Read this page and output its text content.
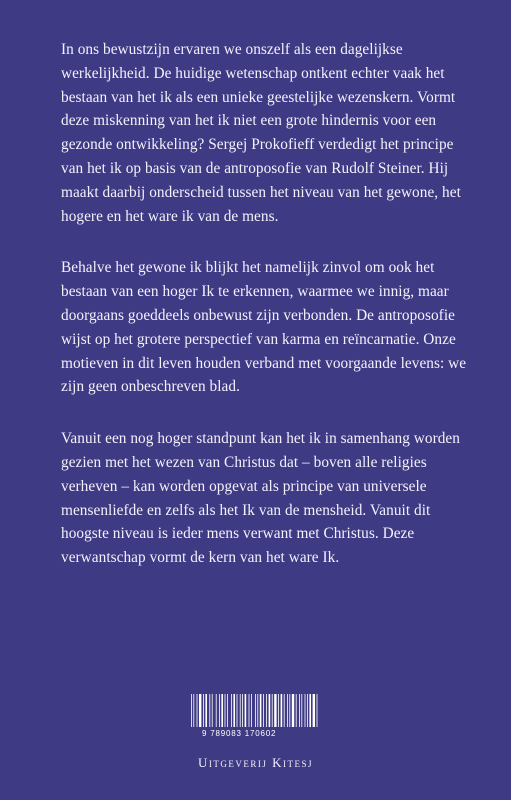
In ons bewustzijn ervaren we onszelf als een dagelijkse werkelijkheid. De huidige wetenschap ontkent echter vaak het bestaan van het ik als een unieke geestelijke wezenskern. Vormt deze miskenning van het ik niet een grote hindernis voor een gezonde ontwikkeling? Sergej Prokofieff verdedigt het principe van het ik op basis van de antroposofie van Rudolf Steiner. Hij maakt daarbij onderscheid tussen het niveau van het gewone, het hogere en het ware ik van de mens.

Behalve het gewone ik blijkt het namelijk zinvol om ook het bestaan van een hoger Ik te erkennen, waarmee we innig, maar doorgaans goeddeels onbewust zijn verbonden. De antroposofie wijst op het grotere perspectief van karma en reïncarnatie. Onze motieven in dit leven houden verband met voorgaande levens: we zijn geen onbeschreven blad.

Vanuit een nog hoger standpunt kan het ik in samenhang worden gezien met het wezen van Christus dat – boven alle religies verheven – kan worden opgevat als principe van universele mensenliefde en zelfs als het Ik van de mensheid. Vanuit dit hoogste niveau is ieder mens verwant met Christus. Deze verwantschap vormt de kern van het ware Ik.

9 789083 170602
Uitgeverij Kitesj
